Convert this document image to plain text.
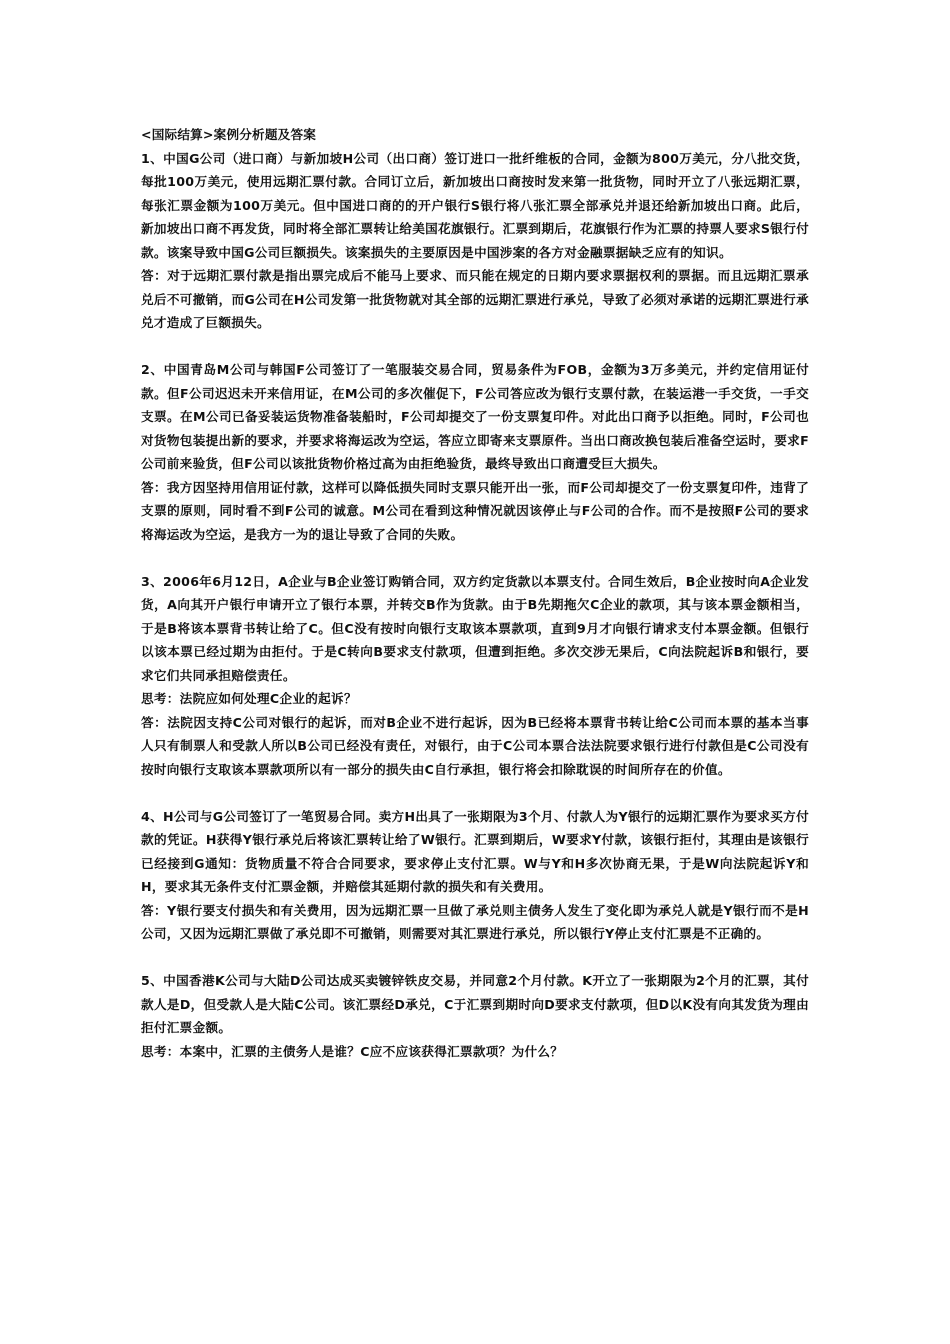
<国际结算>案例分析题及答案

1、中国G公司（进口商）与新加坡H公司（出口商）签订进口一批纤维板的合同，金额为800万美元，分八批交货，每批100万美元，使用远期汇票付款。合同订立后，新加坡出口商按时发来第一批货物，同时开立了八张远期汇票，每张汇票金额为100万美元。但中国进口商的的开户银行S银行将八张汇票全部承兑并退还给新加坡出口商。此后，新加坡出口商不再发货，同时将全部汇票转让给美国花旗银行。汇票到期后，花旗银行作为汇票的持票人要求S银行付款。该案导致中国G公司巨额损失。该案损失的主要原因是中国涉案的各方对金融票据缺乏应有的知识。

答：对于远期汇票付款是指出票完成后不能马上要求、而只能在规定的日期内要求票据权利的票据。而且远期汇票承兑后不可撤销，而G公司在H公司发第一批货物就对其全部的远期汇票进行承兑，导致了必须对承诺的远期汇票进行承兑才造成了巨额损失。

2、中国青岛M公司与韩国F公司签订了一笔服装交易合同，贸易条件为FOB，金额为3万多美元，并约定信用证付款。但F公司迟迟未开来信用证，在M公司的多次催促下，F公司答应改为银行支票付款，在装运港一手交货，一手交支票。在M公司已备妥装运货物准备装船时，F公司却提交了一份支票复印件。对此出口商予以拒绝。同时，F公司也对货物包装提出新的要求，并要求将海运改为空运，答应立即寄来支票原件。当出口商改换包装后准备空运时，要求F公司前来验货，但F公司以该批货物价格过高为由拒绝验货，最终导致出口商遭受巨大损失。

答：我方因坚持用信用证付款，这样可以降低损失同时支票只能开出一张，而F公司却提交了一份支票复印件，违背了支票的原则，同时看不到F公司的诚意。M公司在看到这种情况就因该停止与F公司的合作。而不是按照F公司的要求将海运改为空运，是我方一为的退让导致了合同的失败。

3、2006年6月12日，A企业与B企业签订购销合同，双方约定货款以本票支付。合同生效后，B企业按时向A企业发货，A向其开户银行申请开立了银行本票，并转交B作为货款。由于B先期拖欠C企业的款项，其与该本票金额相当，于是B将该本票背书转让给了C。但C没有按时向银行支取该本票款项，直到9月才向银行请求支付本票金额。但银行以该本票已经过期为由拒付。于是C转向B要求支付款项，但遭到拒绝。多次交涉无果后，C向法院起诉B和银行，要求它们共同承担赔偿责任。

思考：法院应如何处理C企业的起诉？

答：法院因支持C公司对银行的起诉，而对B企业不进行起诉，因为B已经将本票背书转让给C公司而本票的基本当事人只有制票人和受款人所以B公司已经没有责任，对银行，由于C公司本票合法法院要求银行进行付款但是C公司没有按时向银行支取该本票款项所以有一部分的损失由C自行承担，银行将会扣除耽误的时间所存在的价值。

4、H公司与G公司签订了一笔贸易合同。卖方H出具了一张期限为3个月、付款人为Y银行的远期汇票作为要求买方付款的凭证。H获得Y银行承兑后将该汇票转让给了W银行。汇票到期后，W要求Y付款，该银行拒付，其理由是该银行已经接到G通知：货物质量不符合合同要求，要求停止支付汇票。W与Y和H多次协商无果，于是W向法院起诉Y和H，要求其无条件支付汇票金额，并赔偿其延期付款的损失和有关费用。

答：Y银行要支付损失和有关费用，因为远期汇票一旦做了承兑则主债务人发生了变化即为承兑人就是Y银行而不是H公司，又因为远期汇票做了承兑即不可撤销，则需要对其汇票进行承兑，所以银行Y停止支付汇票是不正确的。

5、中国香港K公司与大陆D公司达成买卖镀锌铁皮交易，并同意2个月付款。K开立了一张期限为2个月的汇票，其付款人是D，但受款人是大陆C公司。该汇票经D承兑，C于汇票到期时向D要求支付款项，但D以K没有向其发货为理由拒付汇票金额。

思考：本案中，汇票的主债务人是谁？C应不应该获得汇票款项？为什么？
